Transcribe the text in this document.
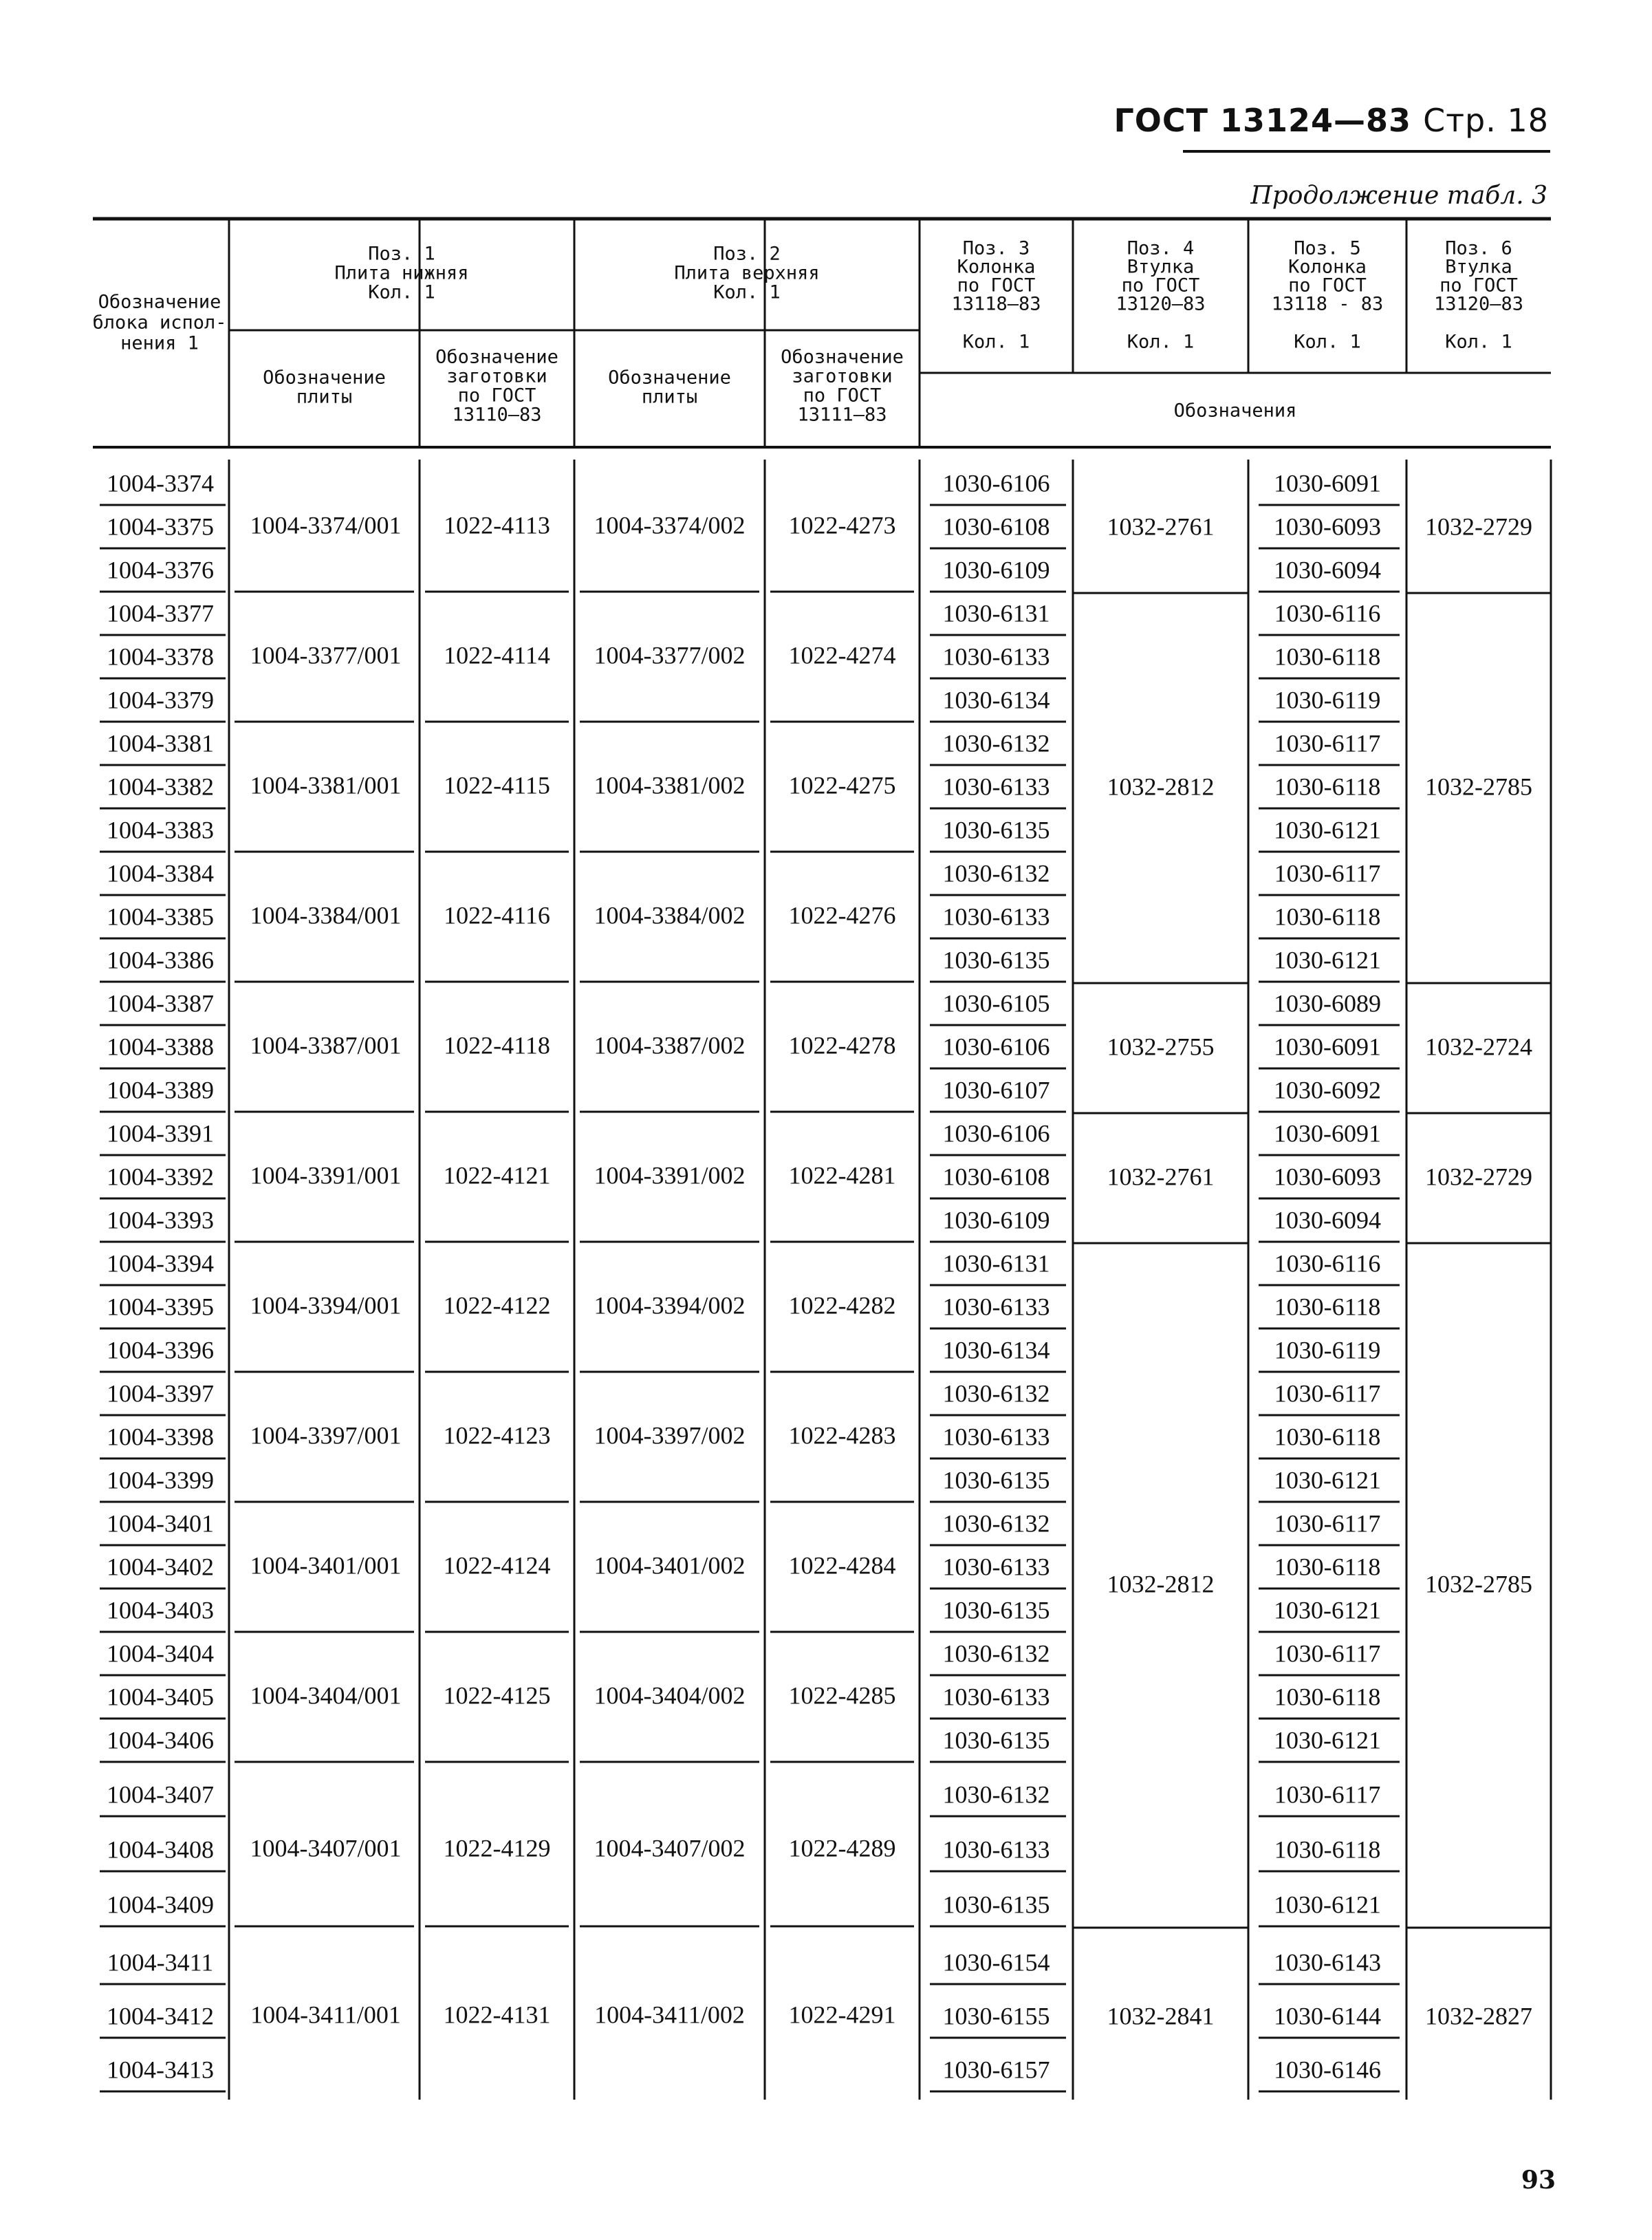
ГОСТ 13124—83 Стр. 18
Продолжение табл. 3
Обозначение
блока испол-
нения 1
Поз. 1
Плита нижняя
Кол. 1
Поз. 2
Плита верхняя
Кол. 1
Обозначение
плиты
Обозначение
заготовки
по ГОСТ
13110—83
Обозначение
плиты
Обозначение
заготовки
по ГОСТ
13111—83
Поз. 3
Колонка
по ГОСТ
13118—83
Кол. 1
Поз. 4
Втулка
по ГОСТ
13120—83
Кол. 1
Поз. 5
Колонка
по ГОСТ
13118 - 83
Кол. 1
Поз. 6
Втулка
по ГОСТ
13120—83
Кол. 1
Обозначения
1004-3374
1004-3375
1004-3376
1004-3374/001 1022-4113 1004-3374/002 1022-4273
1030-6106
1030-6108
1030-6109
1030-6091
1030-6093
1030-6094
1004-3377
1004-3378
1004-3379
1004-3377/001 1022-4114 1004-3377/002 1022-4274
1030-6131
1030-6133
1030-6134
1030-6116
1030-6118
1030-6119
1004-3381
1004-3382
1004-3383
1004-3381/001 1022-4115 1004-3381/002 1022-4275
1030-6132
1030-6133
1030-6135
1030-6117
1030-6118
1030-6121
1004-3384
1004-3385
1004-3386
1004-3384/001 1022-4116 1004-3384/002 1022-4276
1030-6132
1030-6133
1030-6135
1030-6117
1030-6118
1030-6121
1004-3387
1004-3388
1004-3389
1004-3387/001 1022-4118 1004-3387/002 1022-4278
1030-6105
1030-6106
1030-6107
1030-6089
1030-6091
1030-6092
1004-3391
1004-3392
1004-3393
1004-3391/001 1022-4121 1004-3391/002 1022-4281
1030-6106
1030-6108
1030-6109
1030-6091
1030-6093
1030-6094
1004-3394
1004-3395
1004-3396
1004-3394/001 1022-4122 1004-3394/002 1022-4282
1030-6131
1030-6133
1030-6134
1030-6116
1030-6118
1030-6119
1004-3397
1004-3398
1004-3399
1004-3397/001 1022-4123 1004-3397/002 1022-4283
1030-6132
1030-6133
1030-6135
1030-6117
1030-6118
1030-6121
1004-3401
1004-3402
1004-3403
1004-3401/001 1022-4124 1004-3401/002 1022-4284
1030-6132
1030-6133
1030-6135
1030-6117
1030-6118
1030-6121
1004-3404
1004-3405
1004-3406
1004-3404/001 1022-4125 1004-3404/002 1022-4285
1030-6132
1030-6133
1030-6135
1030-6117
1030-6118
1030-6121
1004-3407
1004-3408
1004-3409
1004-3407/001 1022-4129 1004-3407/002 1022-4289
1030-6132
1030-6133
1030-6135
1030-6117
1030-6118
1030-6121
1004-3411
1004-3412
1004-3413
1004-3411/001 1022-4131 1004-3411/002 1022-4291
1030-6154
1030-6155
1030-6157
1030-6143
1030-6144
1030-6146
1032-2761
1032-2812
1032-2755
1032-2761
1032-2812
1032-2841
1032-2729
1032-2785
1032-2724
1032-2729
1032-2785
1032-2827
93
